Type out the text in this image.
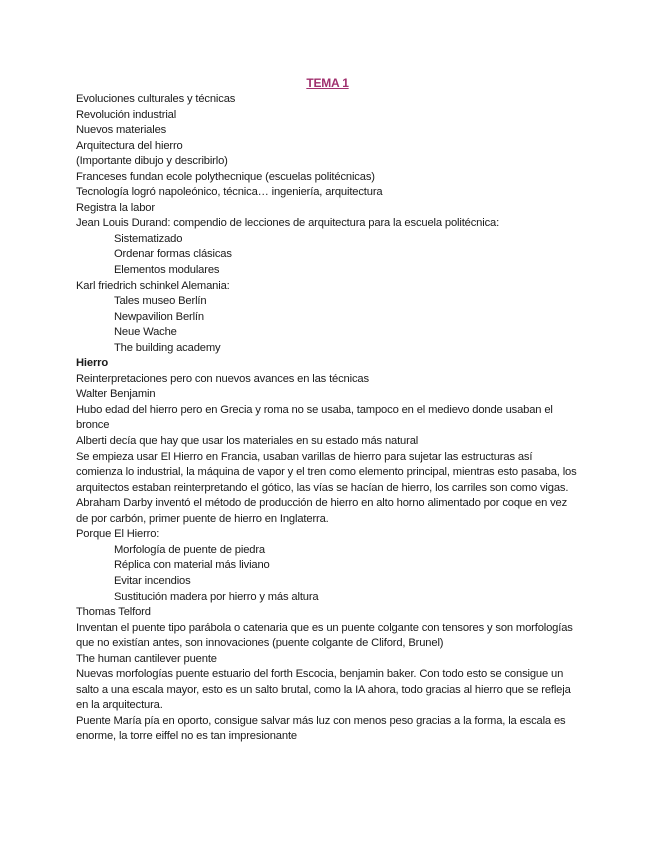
TEMA 1

Evoluciones culturales y técnicas

Revolución industrial

Nuevos materiales

Arquitectura del hierro

(Importante dibujo y describirlo)

Franceses fundan ecole polythecnique (escuelas politécnicas)

Tecnología logró napoleónico, técnica… ingeniería, arquitectura

Registra la labor

Jean Louis Durand: compendio de lecciones de arquitectura para la escuela politécnica:

Sistematizado

Ordenar formas clásicas

Elementos modulares

Karl friedrich schinkel Alemania:

Tales museo Berlín

Newpavilion Berlín

Neue Wache

The building academy

Hierro

Reinterpretaciones pero con nuevos avances en las técnicas

Walter Benjamin

Hubo edad del hierro pero en Grecia y roma no se usaba, tampoco en el medievo donde usaban el bronce

Alberti decía que hay que usar los materiales en su estado más natural

Se empieza usar El Hierro en Francia, usaban varillas de hierro para sujetar las estructuras así comienza lo industrial, la máquina de vapor y el tren como elemento principal, mientras esto pasaba, los arquitectos estaban reinterpretando el gótico, las vías se hacían de hierro, los carriles son como vigas.

Abraham Darby inventó el método de producción de hierro en alto horno alimentado por coque en vez de por carbón, primer puente de hierro en Inglaterra.

Porque El Hierro:

Morfología de puente de piedra

Réplica con material más liviano

Evitar incendios

Sustitución madera por hierro y más altura

Thomas Telford

Inventan el puente tipo parábola o catenaria que es un puente colgante con tensores y son morfologías que no existían antes, son innovaciones (puente colgante de Cliford, Brunel)

The human cantilever puente

Nuevas morfologías puente estuario del forth Escocia, benjamin baker. Con todo esto se consigue un salto a una escala mayor, esto es un salto brutal, como la IA ahora, todo gracias al hierro que se refleja en la arquitectura.

Puente María pía en oporto, consigue salvar más luz con menos peso gracias a la forma, la escala es enorme, la torre eiffel no es tan impresionante
